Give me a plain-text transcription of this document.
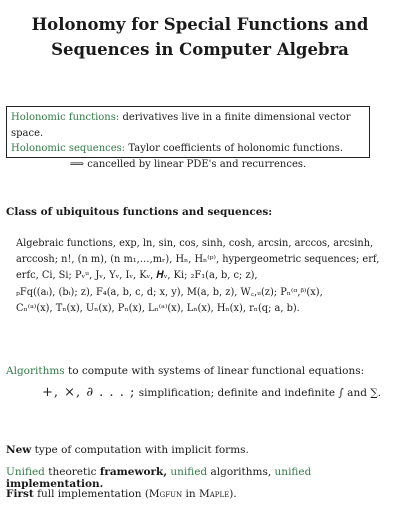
Holonomy for Special Functions and
Sequences in Computer Algebra
Holonomic functions: derivatives live in a finite dimensional vector space.
Holonomic sequences: Taylor coefficients of holonomic functions.
⟹ cancelled by linear PDE's and recurrences.
Class of ubiquitous functions and sequences:
Algebraic functions, exp, ln, sin, cos, sinh, cosh, arcsin, arccos, arcsinh,
arccosh; n!, (n m), (n m₁,…,mᵣ), Hₙ, Hₙ⁽ᵖ⁾, hypergeometric sequences; erf,
erfc, Ci, Si; Pᵥᵘ, Jᵥ, Yᵥ, Iᵥ, Kᵥ, 𝑯ᵥ, Ki; ₂F₁(a, b, c; z),
ₚFq((aᵢ), (bᵢ); z), F₄(a, b, c, d; x, y), M(a, b, z), W꜀,ᵤ(z); Pₙ⁽ᵅ,ᵝ⁾(x),
Cₙ⁽ᵃ⁾(x), Tₙ(x), Uₙ(x), Pₙ(x), Lₙ⁽ᵃ⁾(x), Lₙ(x), Hₙ(x), rₙ(q; a, b).
Algorithms to compute with systems of linear functional equations:
+, ×, ∂ . . . ; simplification; definite and indefinite ∫ and ∑.
New type of computation with implicit forms.
Unified theoretic framework, unified algorithms, unified implementation.
First full implementation (Mgfun in Maple).
